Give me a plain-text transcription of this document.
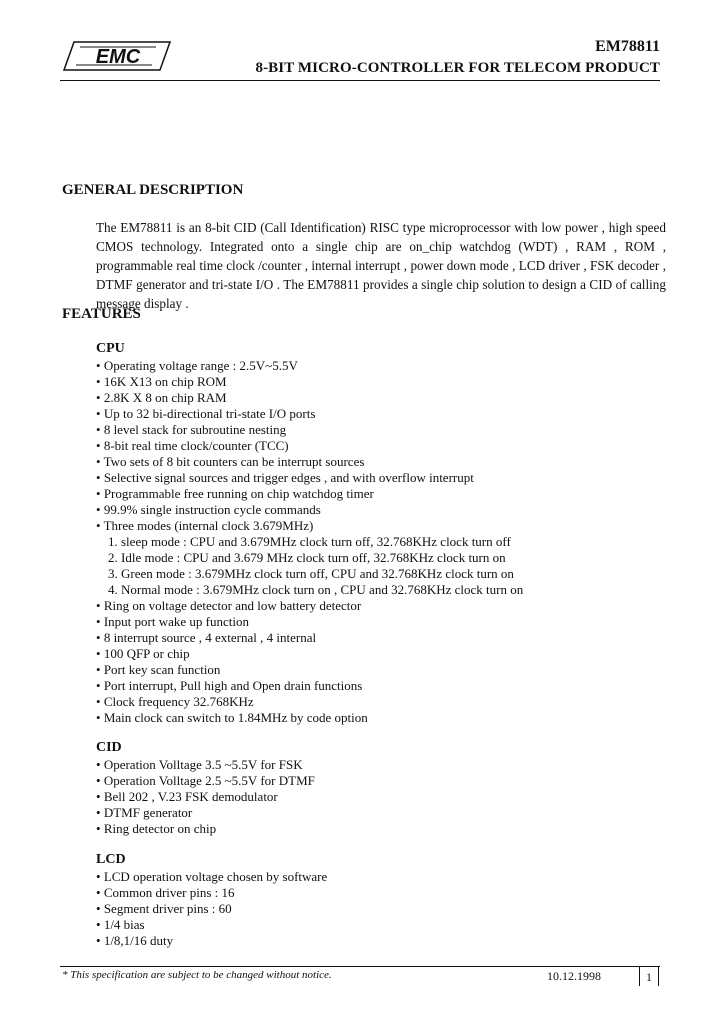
EMC	EM78811
8-BIT MICRO-CONTROLLER FOR TELECOM PRODUCT
GENERAL DESCRIPTION
The EM78811 is an 8-bit CID (Call Identification) RISC type microprocessor with low power , high speed CMOS technology. Integrated onto a single chip are on_chip watchdog (WDT) , RAM , ROM , programmable real time clock /counter , internal interrupt , power down mode , LCD driver , FSK decoder , DTMF generator and tri-state I/O . The EM78811 provides a single chip solution to design a CID of calling message display .
FEATURES
CPU
• Operating voltage range : 2.5V~5.5V
• 16K X13 on chip ROM
• 2.8K X 8 on chip RAM
• Up to 32 bi-directional tri-state I/O ports
• 8 level stack for subroutine nesting
• 8-bit real time clock/counter (TCC)
• Two sets of 8 bit counters can be interrupt sources
• Selective signal sources and trigger edges , and with overflow interrupt
• Programmable free running on chip watchdog timer
• 99.9% single instruction cycle commands
• Three modes (internal clock 3.679MHz)
1. sleep mode : CPU and 3.679MHz clock turn off, 32.768KHz clock turn off
2. Idle mode : CPU and 3.679 MHz clock turn off, 32.768KHz clock turn on
3. Green mode : 3.679MHz clock turn off, CPU and 32.768KHz clock turn on
4. Normal mode : 3.679MHz clock turn on , CPU and 32.768KHz clock turn on
• Ring on voltage detector and low battery detector
• Input port wake up function
• 8 interrupt source , 4 external , 4 internal
• 100 QFP or chip
• Port key scan function
• Port interrupt, Pull high and Open drain functions
• Clock frequency 32.768KHz
• Main clock can switch to 1.84MHz by code option
CID
• Operation Volltage 3.5 ~5.5V for FSK
• Operation Volltage 2.5 ~5.5V for DTMF
• Bell 202 , V.23 FSK demodulator
• DTMF generator
• Ring detector on chip
LCD
• LCD operation voltage chosen by software
• Common driver pins : 16
• Segment driver pins : 60
• 1/4 bias
• 1/8,1/16 duty
* This specification are subject to be changed without notice.	10.12.1998	1
